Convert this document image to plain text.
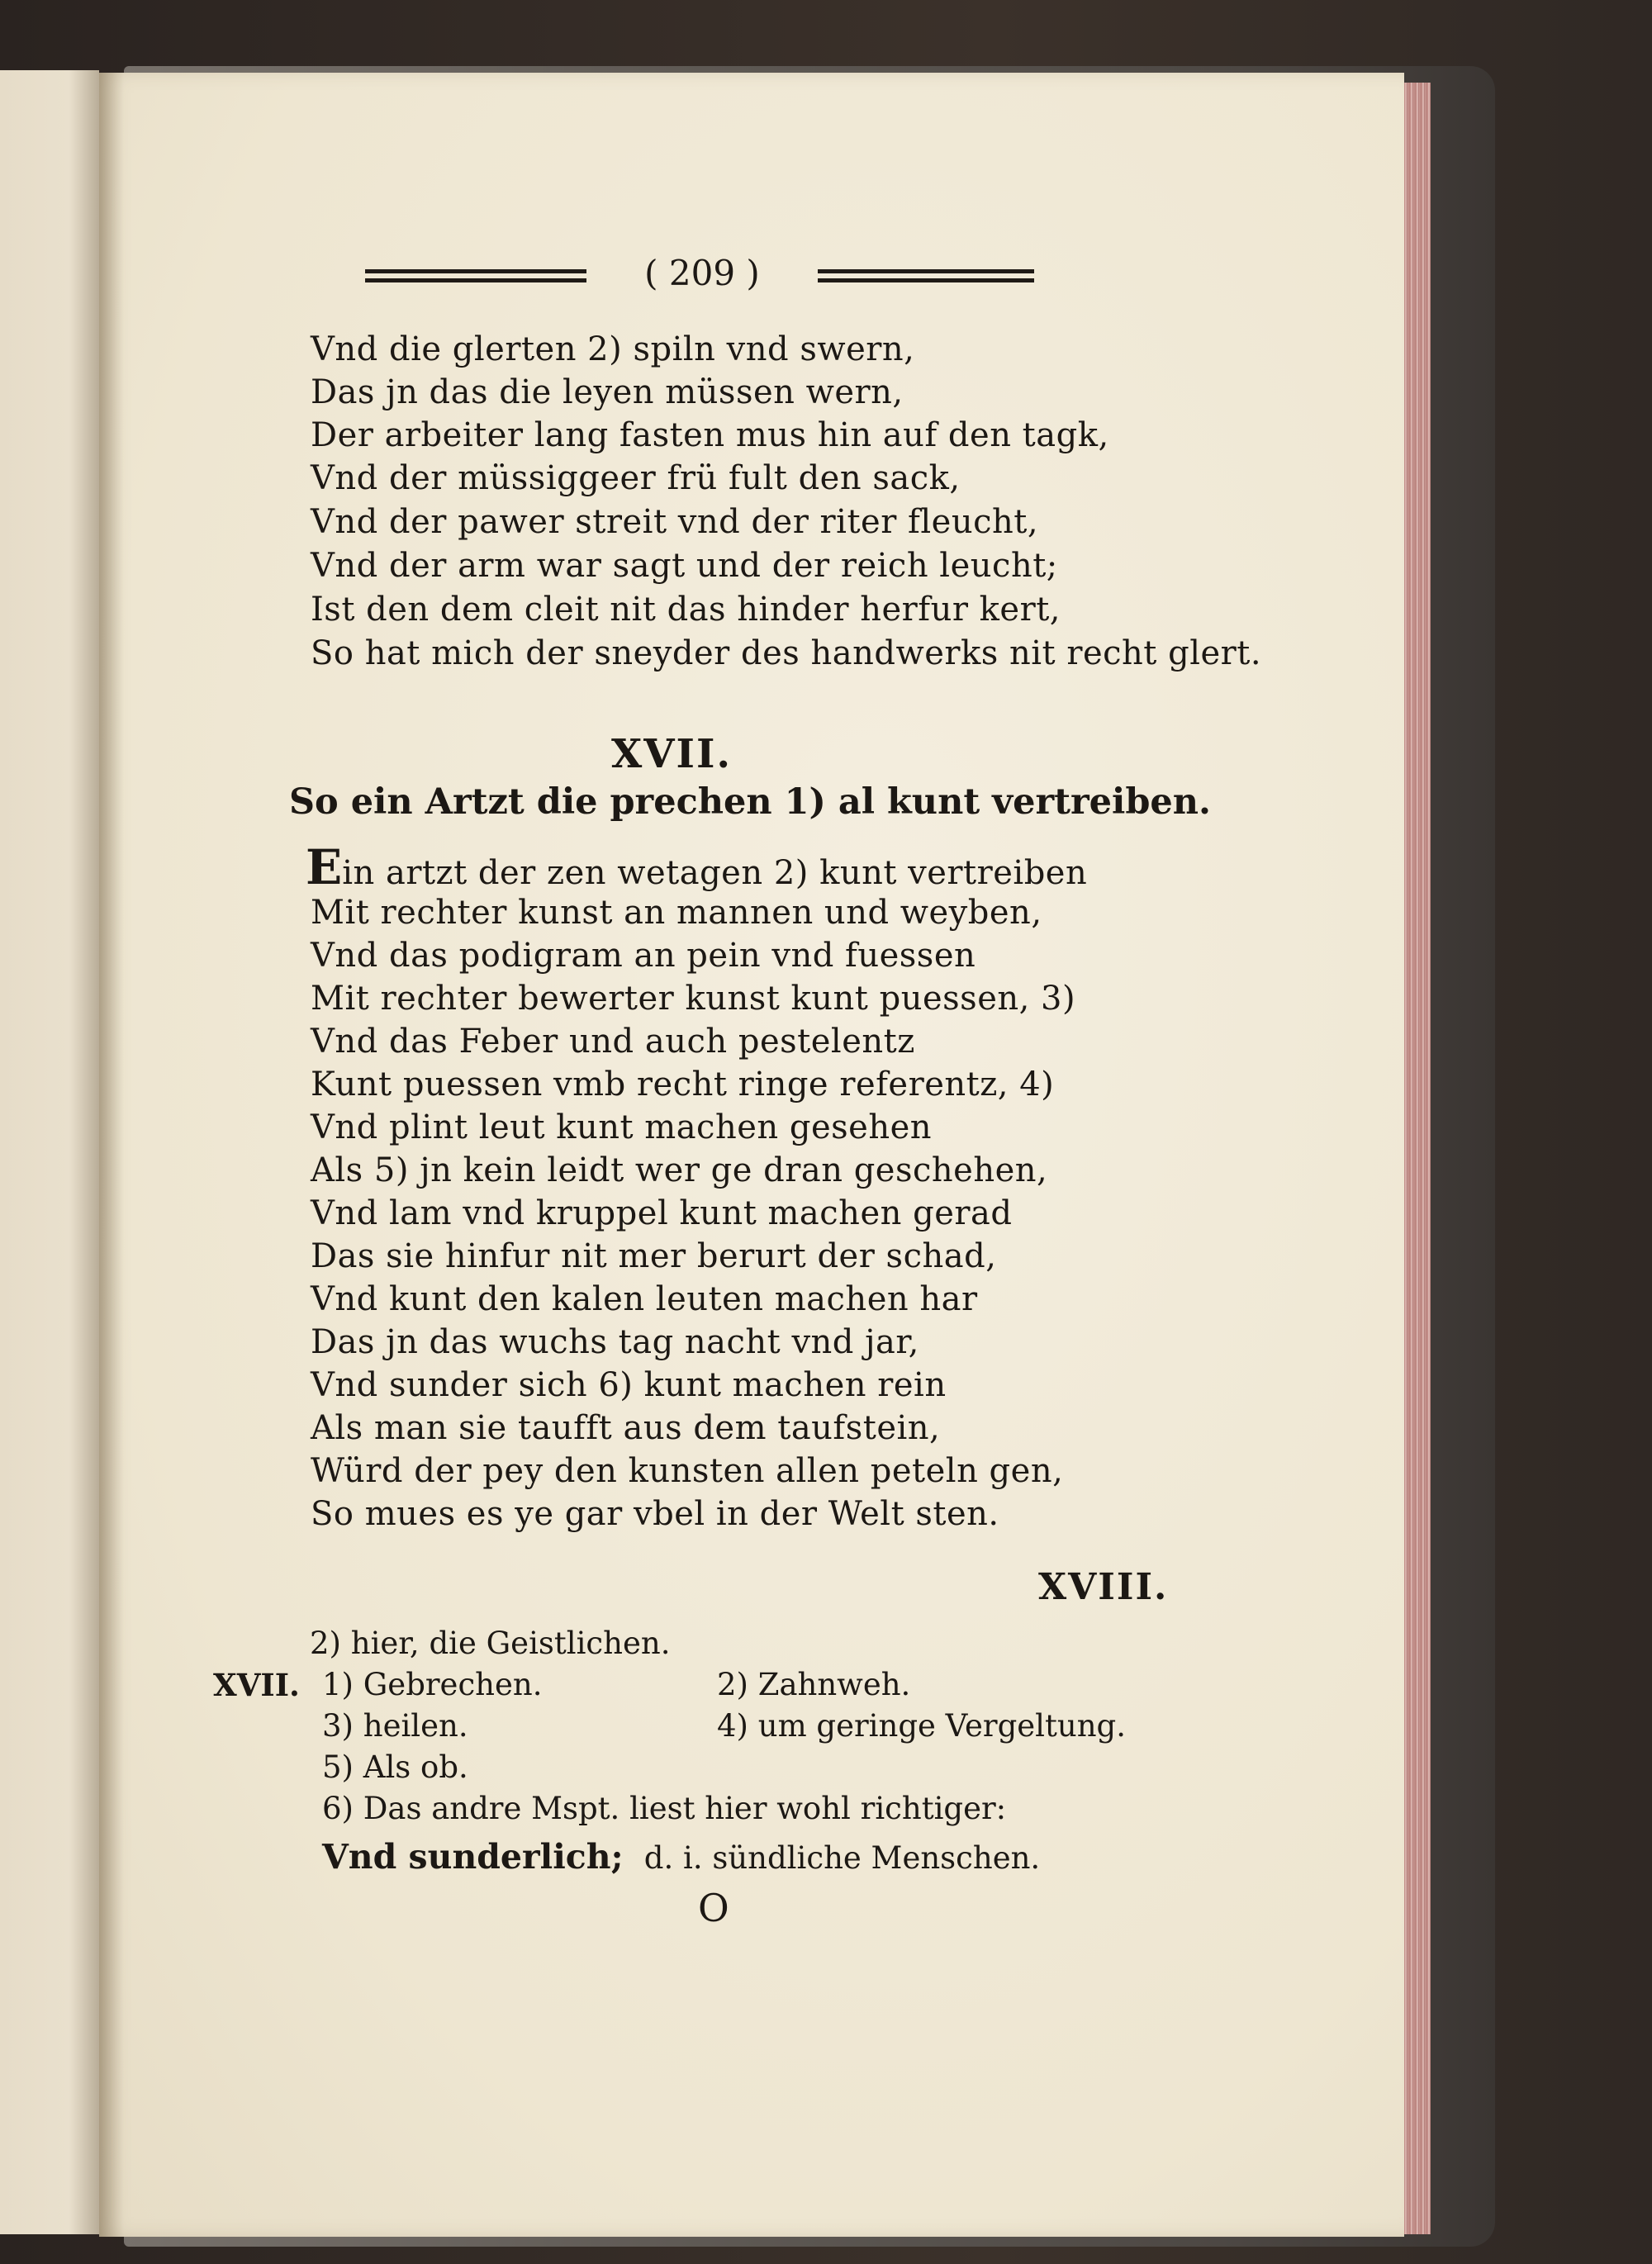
( 209 )
Vnd die glerten 2) spiln vnd swern,
Das jn das die leyen müssen wern,
Der arbeiter lang fasten mus hin auf den tagk,
Vnd der müssiggeer frü fult den sack,
Vnd der pawer streit vnd der riter fleucht,
Vnd der arm war sagt und der reich leucht;
Ist den dem cleit nit das hinder herfur kert,
So hat mich der sneyder des handwerks nit recht glert.
XVII.
So ein Artzt die prechen 1) al kunt vertreiben.
Ein artzt der zen wetagen 2) kunt vertreiben
Mit rechter kunst an mannen und weyben,
Vnd das podigram an pein vnd fuessen
Mit rechter bewerter kunst kunt puessen, 3)
Vnd das Feber und auch pestelentz
Kunt puessen vmb recht ringe referentz, 4)
Vnd plint leut kunt machen gesehen
Als 5) jn kein leidt wer ge dran geschehen,
Vnd lam vnd kruppel kunt machen gerad
Das sie hinfur nit mer berurt der schad,
Vnd kunt den kalen leuten machen har
Das jn das wuchs tag nacht vnd jar,
Vnd sunder sich 6) kunt machen rein
Als man sie taufft aus dem taufstein,
Würd der pey den kunsten allen peteln gen,
So mues es ye gar vbel in der Welt sten.
XVIII.
2) hier, die Geistlichen.
XVII. 1) Gebrechen.	2) Zahnweh.
3) heilen.	4) um geringe Vergeltung.
5) Als ob.
6) Das andre Mspt. liest hier wohl richtiger:
Vnd sunderlich; d. i. sündliche Menschen.
O
